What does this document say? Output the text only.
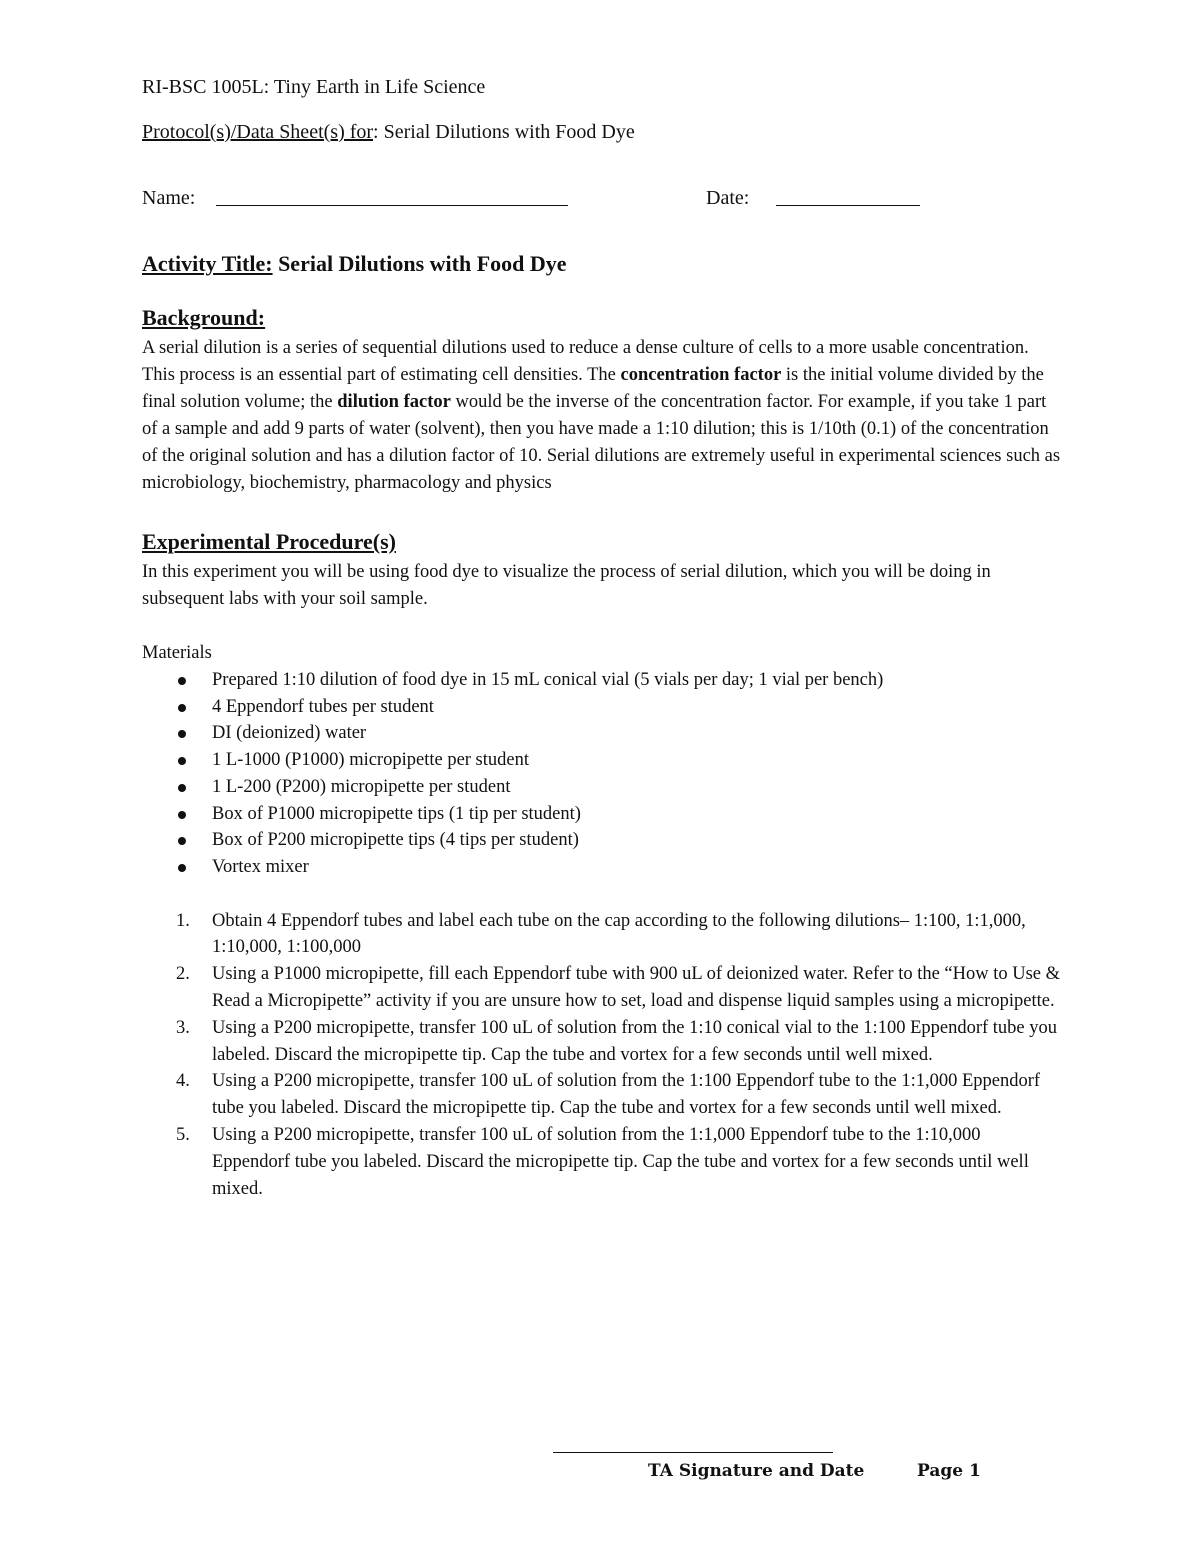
RI-BSC 1005L: Tiny Earth in Life Science
Protocol(s)/Data Sheet(s) for: Serial Dilutions with Food Dye
Name:	Date:
Activity Title: Serial Dilutions with Food Dye
Background:

A serial dilution is a series of sequential dilutions used to reduce a dense culture of cells to a more usable concentration. This process is an essential part of estimating cell densities. The concentration factor is the initial volume divided by the final solution volume; the dilution factor would be the inverse of the concentration factor. For example, if you take 1 part of a sample and add 9 parts of water (solvent), then you have made a 1:10 dilution; this is 1/10th (0.1) of the concentration of the original solution and has a dilution factor of 10. Serial dilutions are extremely useful in experimental sciences such as microbiology, biochemistry, pharmacology and physics

Experimental Procedure(s)

In this experiment you will be using food dye to visualize the process of serial dilution, which you will be doing in subsequent labs with your soil sample.

Materials
Prepared 1:10 dilution of food dye in 15 mL conical vial (5 vials per day; 1 vial per bench)
4 Eppendorf tubes per student
DI (deionized) water
1 L-1000 (P1000) micropipette per student
1 L-200 (P200) micropipette per student
Box of P1000 micropipette tips (1 tip per student)
Box of P200 micropipette tips (4 tips per student)
Vortex mixer
1. Obtain 4 Eppendorf tubes and label each tube on the cap according to the following dilutions– 1:100, 1:1,000, 1:10,000, 1:100,000
2. Using a P1000 micropipette, fill each Eppendorf tube with 900 uL of deionized water. Refer to the “How to Use & Read a Micropipette” activity if you are unsure how to set, load and dispense liquid samples using a micropipette.
3. Using a P200 micropipette, transfer 100 uL of solution from the 1:10 conical vial to the 1:100 Eppendorf tube you labeled. Discard the micropipette tip. Cap the tube and vortex for a few seconds until well mixed.
4. Using a P200 micropipette, transfer 100 uL of solution from the 1:100 Eppendorf tube to the 1:1,000 Eppendorf tube you labeled. Discard the micropipette tip. Cap the tube and vortex for a few seconds until well mixed.
5. Using a P200 micropipette, transfer 100 uL of solution from the 1:1,000 Eppendorf tube to the 1:10,000 Eppendorf tube you labeled. Discard the micropipette tip. Cap the tube and vortex for a few seconds until well mixed.
TA Signature and Date	Page 1
